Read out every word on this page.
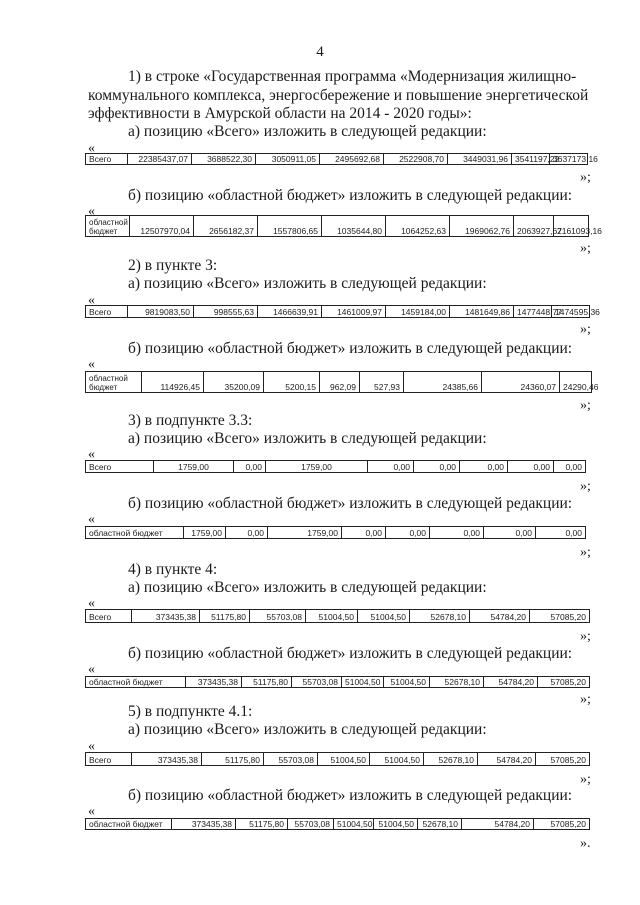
4
1) в строке «Государственная программа «Модернизация жилищно-
коммунального комплекса, энергосбережение и повышение энергетической
эффективности в Амурской области на 2014 - 2020 годы»:
а) позицию «Всего» изложить в следующей редакции:
«
Всего	22385437,07	3688522,30	3050911,05	2495692,68	2522908,70	3449031,96	3541197,22	3637173,16
»;
б) позицию «областной бюджет» изложить в следующей редакции:
«
областной бюджет	12507970,04	2656182,37	1557806,65	1035644,80	1064252,63	1969062,76	2063927,67	2161093,16
»;
2) в пункте 3:
а) позицию «Всего» изложить в следующей редакции:
«
Всего	9819083,50	998555,63	1466639,91	1461009,97	1459184,00	1481649,86	1477448,77	1474595,36
»;
б) позицию «областной бюджет» изложить в следующей редакции:
«
областной бюджет	114926,45	35200,09	5200,15	962,09	527,93	24385,66	24360,07	24290,46
»;
3) в подпункте 3.3:
а) позицию «Всего» изложить в следующей редакции:
«
Всего	1759,00	0,00	1759,00	0,00	0,00	0,00	0,00	0,00
»;
б) позицию «областной бюджет» изложить в следующей редакции:
«
областной бюджет	1759,00	0,00	1759,00	0,00	0,00	0,00	0,00	0,00
»;
4) в пункте 4:
а) позицию «Всего» изложить в следующей редакции:
«
Всего	373435,38	51175,80	55703,08	51004,50	51004,50	52678,10	54784,20	57085,20
»;
б) позицию «областной бюджет» изложить в следующей редакции:
«
областной бюджет	373435,38	51175,80	55703,08	51004,50	51004,50	52678,10	54784,20	57085,20
»;
5) в подпункте 4.1:
а) позицию «Всего» изложить в следующей редакции:
«
Всего	373435,38	51175,80	55703,08	51004,50	51004,50	52678,10	54784,20	57085,20
»;
б) позицию «областной бюджет» изложить в следующей редакции:
«
областной бюджет	373435,38	51175,80	55703,08	51004,50	51004,50	52678,10	54784,20	57085,20
».
